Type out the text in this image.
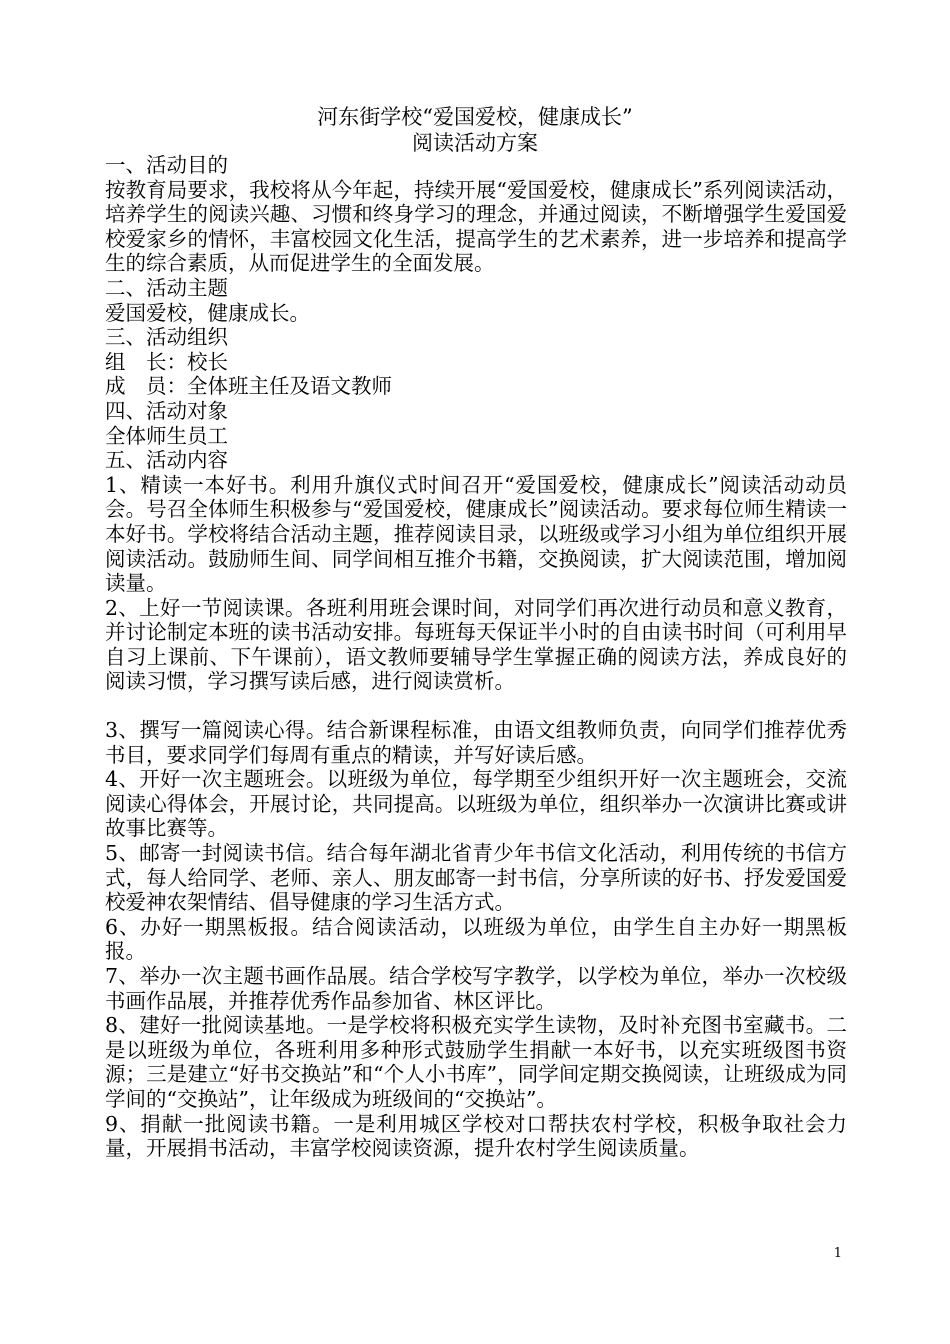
河东街学校“爱国爱校，健康成长”
阅读活动方案

一、活动目的

按教育局要求，我校将从今年起，持续开展“爱国爱校，健康成长”系列阅读活动，培养学生的阅读兴趣、习惯和终身学习的理念，并通过阅读，不断增强学生爱国爱校爱家乡的情怀，丰富校园文化生活，提高学生的艺术素养，进一步培养和提高学生的综合素质，从而促进学生的全面发展。

二、活动主题

爱国爱校，健康成长。

三、活动组织

组　长：校长

成　员：全体班主任及语文教师

四、活动对象

全体师生员工

五、活动内容

1、精读一本好书。利用升旗仪式时间召开“爱国爱校，健康成长”阅读活动动员会。号召全体师生积极参与“爱国爱校，健康成长”阅读活动。要求每位师生精读一本好书。学校将结合活动主题，推荐阅读目录，以班级或学习小组为单位组织开展阅读活动。鼓励师生间、同学间相互推介书籍，交换阅读，扩大阅读范围，增加阅读量。

2、上好一节阅读课。各班利用班会课时间，对同学们再次进行动员和意义教育，并讨论制定本班的读书活动安排。每班每天保证半小时的自由读书时间（可利用早自习上课前、下午课前），语文教师要辅导学生掌握正确的阅读方法，养成良好的阅读习惯，学习撰写读后感，进行阅读赏析。

3、撰写一篇阅读心得。结合新课程标准，由语文组教师负责，向同学们推荐优秀书目，要求同学们每周有重点的精读，并写好读后感。

4、开好一次主题班会。以班级为单位，每学期至少组织开好一次主题班会，交流阅读心得体会，开展讨论，共同提高。以班级为单位，组织举办一次演讲比赛或讲故事比赛等。

5、邮寄一封阅读书信。结合每年湖北省青少年书信文化活动，利用传统的书信方式，每人给同学、老师、亲人、朋友邮寄一封书信，分享所读的好书、抒发爱国爱校爱神农架情结、倡导健康的学习生活方式。

6、办好一期黑板报。结合阅读活动，以班级为单位，由学生自主办好一期黑板报。

7、举办一次主题书画作品展。结合学校写字教学，以学校为单位，举办一次校级书画作品展，并推荐优秀作品参加省、林区评比。

8、建好一批阅读基地。一是学校将积极充实学生读物，及时补充图书室藏书。二是以班级为单位，各班利用多种形式鼓励学生捐献一本好书，以充实班级图书资源；三是建立“好书交换站”和“个人小书库”，同学间定期交换阅读，让班级成为同学间的“交换站”，让年级成为班级间的“交换站”。

9、捐献一批阅读书籍。一是利用城区学校对口帮扶农村学校，积极争取社会力量，开展捐书活动，丰富学校阅读资源，提升农村学生阅读质量。

1
